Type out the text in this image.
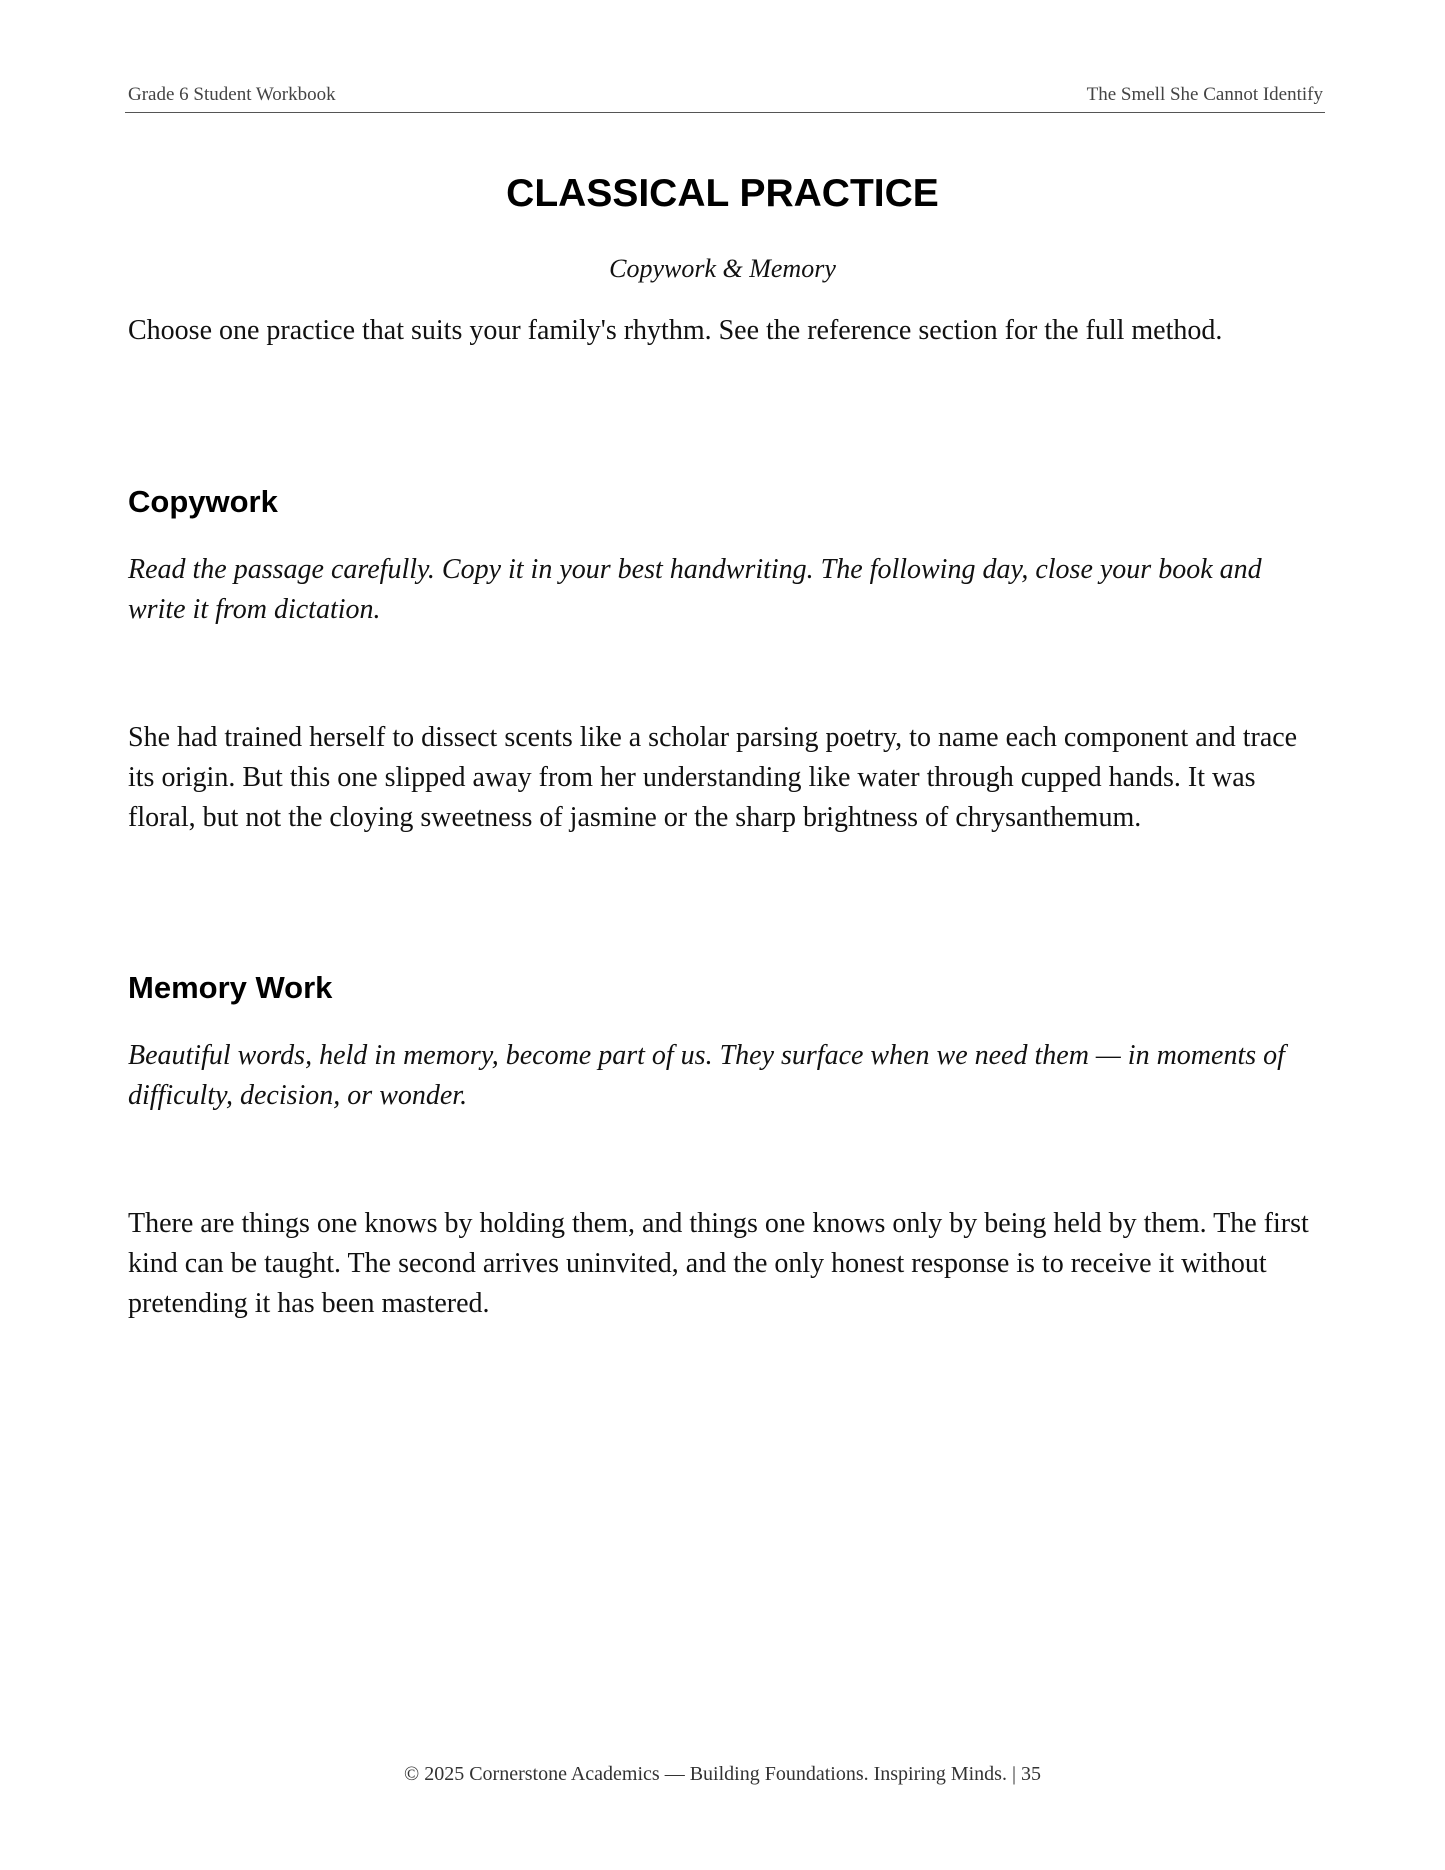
Grade 6 Student Workbook	The Smell She Cannot Identify
CLASSICAL PRACTICE
Copywork & Memory
Choose one practice that suits your family's rhythm. See the reference section for the full method.
Copywork
Read the passage carefully. Copy it in your best handwriting. The following day, close your book and write it from dictation.
She had trained herself to dissect scents like a scholar parsing poetry, to name each component and trace its origin. But this one slipped away from her understanding like water through cupped hands. It was floral, but not the cloying sweetness of jasmine or the sharp brightness of chrysanthemum.
Memory Work
Beautiful words, held in memory, become part of us. They surface when we need them — in moments of difficulty, decision, or wonder.
There are things one knows by holding them, and things one knows only by being held by them. The first kind can be taught. The second arrives uninvited, and the only honest response is to receive it without pretending it has been mastered.
© 2025 Cornerstone Academics — Building Foundations. Inspiring Minds. | 35
